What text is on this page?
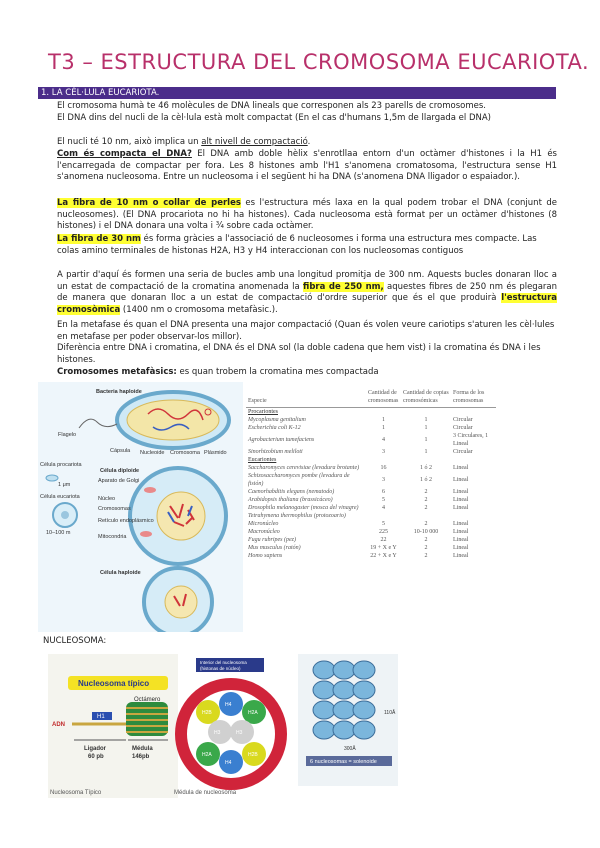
T3 – ESTRUCTURA DEL CROMOSOMA EUCARIOTA.
1. LA CÈL·LULA EUCARIOTA.
El cromosoma humà te 46 molècules de DNA lineals que corresponen als 23 parells de cromosomes.
El DNA dins del nucli de la cèl·lula està molt compactat (En el cas d'humans 1,5m de llargada el DNA)
El nucli té 10 nm, això implica un alt nivell de compactació.
Com és compacta el DNA? El DNA amb doble hèlix s'enrotllaa entorn d'un octàmer d'histones i la H1 és l'encarregada de compactar per fora. Les 8 histones amb l'H1 s'anomena cromatosoma, l'estructura sense H1 s'anomena nucleosoma. Entre un nucleosoma i el següent hi ha DNA (s'anomena DNA lligador o espaiador.).
La fibra de 10 nm o collar de perles es l'estructura més laxa en la qual podem trobar el DNA (conjunt de nucleosomes). (El DNA procariota no hi ha histones). Cada nucleosoma està format per un octàmer d'histones (8 histones) i el DNA donara una volta i ¾ sobre cada octàmer.
La fibra de 30 nm és forma gràcies a l'associació de 6 nucleosomes i forma una estructura mes compacte. Las colas amino terminales de histonas H2A, H3 y H4 interaccionan con los nucleosomas contiguos
A partir d'aquí és formen una seria de bucles amb una longitud promitja de 300 nm. Aquests bucles donaran lloc a un estat de compactació de la cromatina anomenada la fibra de 250 nm, aquestes fibres de 250 nm és plegaran de manera que donaran lloc a un estat de compactació d'ordre superior que és el que produirà l'estructura cromosòmica (1400 nm o cromosoma metafàsic.).
En la metafase és quan el DNA presenta una major compactació (Quan és volen veure cariotips s'aturen les cèl·lules en metafase per poder observar-los millor).
Diferència entre DNA i cromatina, el DNA és el DNA sol (la doble cadena que hem vist) i la cromatina és DNA i les histones.
Cromosomes metafàsics: es quan trobem la cromatina mes compactada
Bacteria haploide
Flagelo
Cápsula Nucleoide Cromosoma Plásmido
Célula procariota
1 μm
Célula eucariota
10–100 m
Célula diploide
Aparato de Golgi
Núcleo
Cromosomas
Retículo endoplásmico
Mitocondria
Célula haploide
Especie	Cantidad de cromosomas	Cantidad de copias cromosómicas	Forma de los cromosomas
Procariontes			
Mycoplasma genitalium	1	1	Circular
Escherichia coli K-12	1	1	Circular
Agrobacterium tumefaciens	4	1	3 Circulares, 1 Lineal
Sinorhizobium meliloti	3	1	Circular
Eucariontes			
Saccharomyces cerevisiae (levadura brotante)	16	1 ó 2	Lineal
Schizosaccharomyces pombe (levadura de fisión)	3	1 ó 2	Lineal
Caenorhabditis elegans (nematodo)	6	2	Lineal
Arabidopsis thaliana (brassicáceo)	5	2	Lineal
Drosophila melanogaster (mosca del vinagre)	4	2	Lineal
Tetrahymena thermophilus (protozoario)			
Micronúcleo	5	2	Lineal
Macronúcleo	225	10-10 000	Lineal
Fugu rubripes (pez)	22	2	Lineal
Mus musculus (ratón)	19 + X e Y	2	Lineal
Homo sapiens	22 + X e Y	2	Lineal
NUCLEOSOMA:
Nucleosoma típico
Octámero
H1
ADN
Ligador
60 pb
Médula
146pb
Nucleosoma Típico
Interior del nucleosoma
(histonas de núcleo)
H2B
H4
H2A
H3	H3
H2A
H4
H2B
Médula de nucleosoma
110Å
300Å
6 nucleosomas = solenoide
